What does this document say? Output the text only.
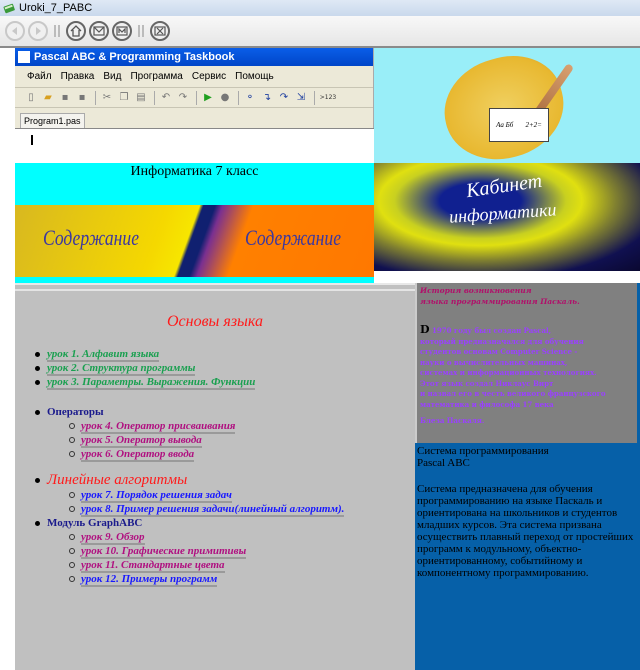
Uroki_7_PABC
Pascal ABC & Programming Taskbook
Файл Правка Вид Программа Сервис Помощь
▯	▰ ▪ ▪ ✂ ❐ ▤ ↶ ↷ ▶ ● ⚬ ↴ ↷ ⇲	>123
Program1.pas
Информатика 7 класс
Содержание	Содержание
Aa Бб 2+2=
Кабинет
информатики
Основы языка
урок 1. Алфавит языка
урок 2. Структура программы
урок 3. Параметры. Выражения. Функции
Операторы
урок 4. Оператор присваивания
урок 5. Оператор вывода
урок 6. Оператор ввода
Линейные алгоритмы
урок 7. Порядок решения задач
урок 8. Пример решения задачи(линейный алгоритм).
Модуль GraphABC
урок 9. Обзор
урок 10. Графические примитивы
урок 11. Стандартные цвета
урок 12. Примеры программ
История возникновения
языка программирования Паскаль.
D 1970 году был создан Pascal,
который предназначался для обучения
студентов основам Computer Science -
науки о вычислительных машинах,
системах и информационных технологиях.
Этот язык создал Никлаус Вирт
и назвал его в честь великого французского
математика и философа 17 века
Блеза Паскаля.
Система программирования
Pascal ABC
Система предназначена для обучения программированию на языке Паскаль и ориентирована на школьников и студентов младших курсов. Эта система призвана осуществить плавный переход от простейших программ к модульному, объектно-ориентированному, событийному и компонентному программированию.
